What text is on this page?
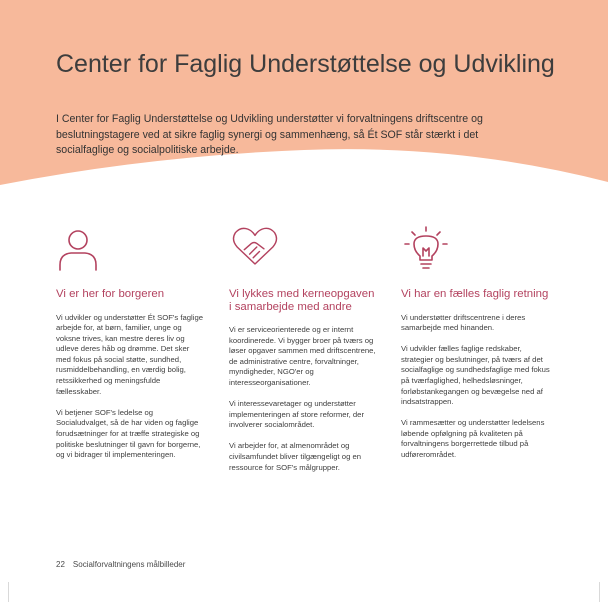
Center for Faglig Understøttelse og Udvikling

I Center for Faglig Understøttelse og Udvikling understøtter vi forvaltningens driftscentre og beslutningstagere ved at sikre faglig synergi og sammenhæng, så Ét SOF står stærkt i det socialfaglige og socialpolitiske arbejde.

Vi er her for borgeren

Vi udvikler og understøtter Ét SOF's faglige arbejde for, at børn, familier, unge og voksne trives, kan mestre deres liv og udleve deres håb og drømme. Det sker med fokus på social støtte, sundhed, rusmiddelbehandling, en værdig bolig, retssikkerhed og meningsfulde fællesskaber.

Vi betjener SOF's ledelse og Socialudvalget, så de har viden og faglige forudsætninger for at træffe strategiske og politiske beslutninger til gavn for borgerne, og vi bidrager til implementeringen.

Vi lykkes med kerneopgaven i samarbejde med andre

Vi er serviceorienterede og er internt koordinerede. Vi bygger broer på tværs og løser opgaver sammen med driftscentrene, de administrative centre, forvaltninger, myndigheder, NGO'er og interesseorganisationer.

Vi interessevaretager og understøtter implementeringen af store reformer, der involverer socialområdet.

Vi arbejder for, at almenområdet og civilsamfundet bliver tilgængeligt og en ressource for SOF's målgrupper.

Vi har en fælles faglig retning

Vi understøtter driftscentrene i deres samarbejde med hinanden.

Vi udvikler fælles faglige redskaber, strategier og beslutninger, på tværs af det socialfaglige og sundhedsfaglige med fokus på tværfaglighed, helhedsløsninger, forløbstankegangen og bevægelse ned af indsatstrappen.

Vi rammesætter og understøtter ledelsens løbende opfølgning på kvaliteten på forvaltningens borgerrettede tilbud på udførerområdet.

22 Socialforvaltningens målbilleder
